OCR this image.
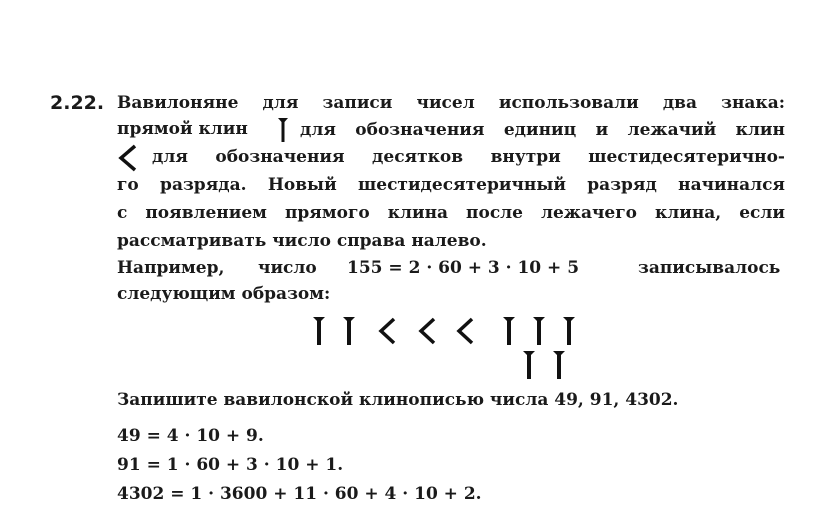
2.22. Вавилоняне для записи чисел использовали два знака:
прямой клин	для обозначения единиц и лежачий клин
для обозначения десятков внутри шестидесятерично-
го разряда. Новый шестидесятеричный разряд начинался
с появлением прямого клина после лежачего клина, если
рассматривать число справа налево.
Например, число 155 = 2 · 60 + 3 · 10 + 5	записывалось
следующим образом:
Запишите вавилонской клинописью числа 49, 91, 4302.
49 = 4 · 10 + 9.
91 = 1 · 60 + 3 · 10 + 1.
4302 = 1 · 3600 + 11 · 60 + 4 · 10 + 2.
